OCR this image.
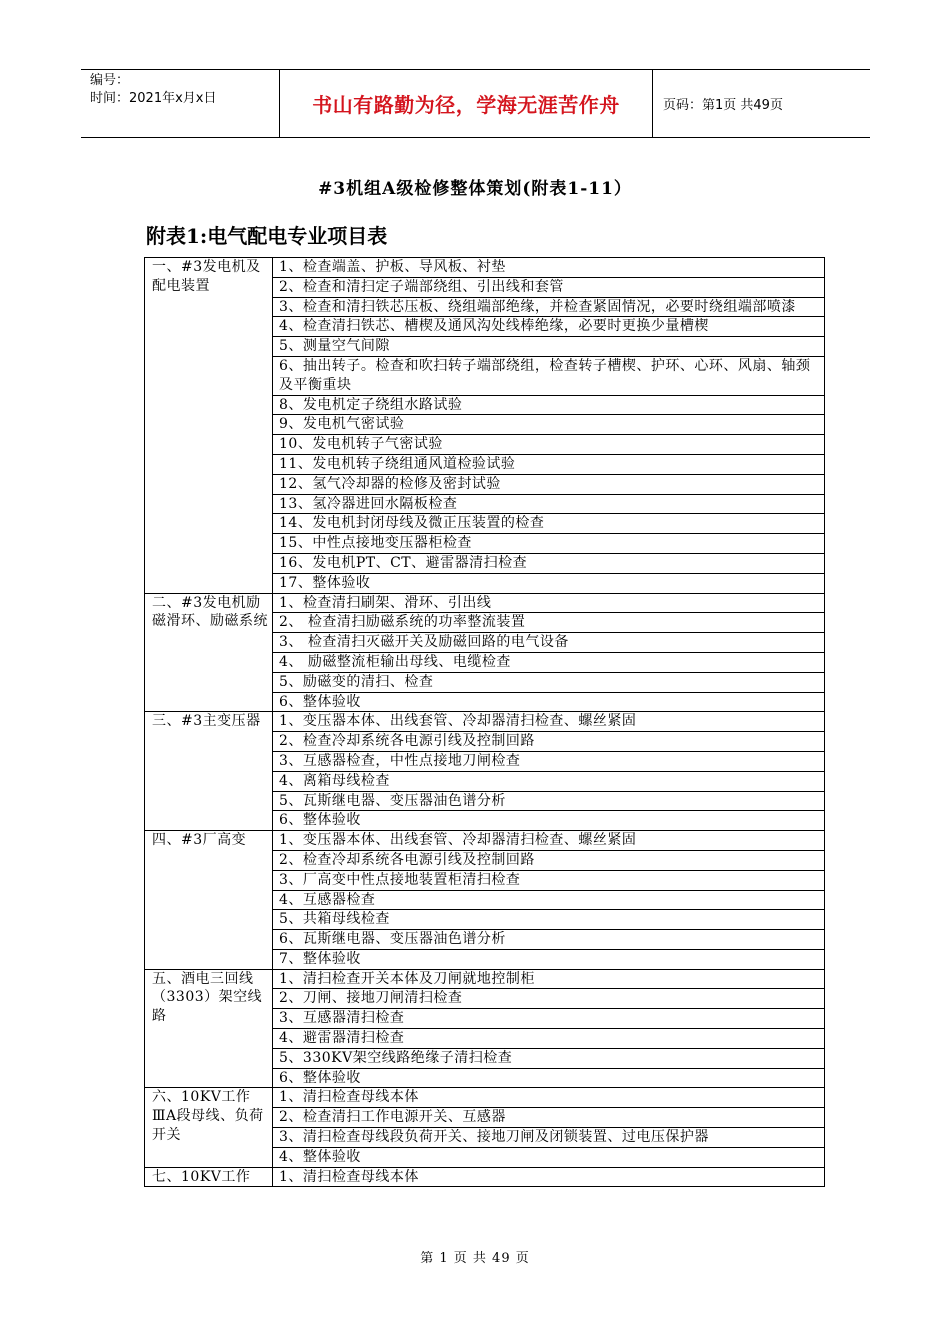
编号：
时间：2021年x月x日	书山有路勤为径，学海无涯苦作舟	页码：第1页 共49页
#3机组A级检修整体策划(附表1-11）
附表1:电气配电专业项目表
一、#3发电机及配电装置	1、检查端盖、护板、导风板、衬垫
	2、检查和清扫定子端部绕组、引出线和套管
	3、检查和清扫铁芯压板、绕组端部绝缘，并检查紧固情况，必要时绕组端部喷漆
	4、检查清扫铁芯、槽楔及通风沟处线棒绝缘，必要时更换少量槽楔
	5、测量空气间隙
	6、抽出转子。检查和吹扫转子端部绕组，检查转子槽楔、护环、心环、风扇、轴颈及平衡重块
	8、发电机定子绕组水路试验
	9、发电机气密试验
	10、发电机转子气密试验
	11、发电机转子绕组通风道检验试验
	12、氢气冷却器的检修及密封试验
	13、氢冷器进回水隔板检查
	14、发电机封闭母线及微正压装置的检查
	15、中性点接地变压器柜检查
	16、发电机PT、CT、避雷器清扫检查
	17、整体验收
二、#3发电机励磁滑环、励磁系统	1、检查清扫刷架、滑环、引出线
	2、 检查清扫励磁系统的功率整流装置
	3、 检查清扫灭磁开关及励磁回路的电气设备
	4、 励磁整流柜输出母线、电缆检查
	5、励磁变的清扫、检查
	6、整体验收
三、#3主变压器	1、变压器本体、出线套管、冷却器清扫检查、螺丝紧固
	2、检查冷却系统各电源引线及控制回路
	3、互感器检查，中性点接地刀闸检查
	4、离箱母线检查
	5、瓦斯继电器、变压器油色谱分析
	6、整体验收
四、#3厂高变	1、变压器本体、出线套管、冷却器清扫检查、螺丝紧固
	2、检查冷却系统各电源引线及控制回路
	3、厂高变中性点接地装置柜清扫检查
	4、互感器检查
	5、共箱母线检查
	6、瓦斯继电器、变压器油色谱分析
	7、整体验收
五、酒电三回线（3303）架空线路	1、清扫检查开关本体及刀闸就地控制柜
	2、刀闸、接地刀闸清扫检查
	3、互感器清扫检查
	4、避雷器清扫检查
	5、330KV架空线路绝缘子清扫检查
	6、整体验收
六、10KV工作ⅢA段母线、负荷开关	1、清扫检查母线本体
	2、检查清扫工作电源开关、互感器
	3、清扫检查母线段负荷开关、接地刀闸及闭锁装置、过电压保护器
	4、整体验收
七、10KV工作	1、清扫检查母线本体
第 1 页 共 49 页
